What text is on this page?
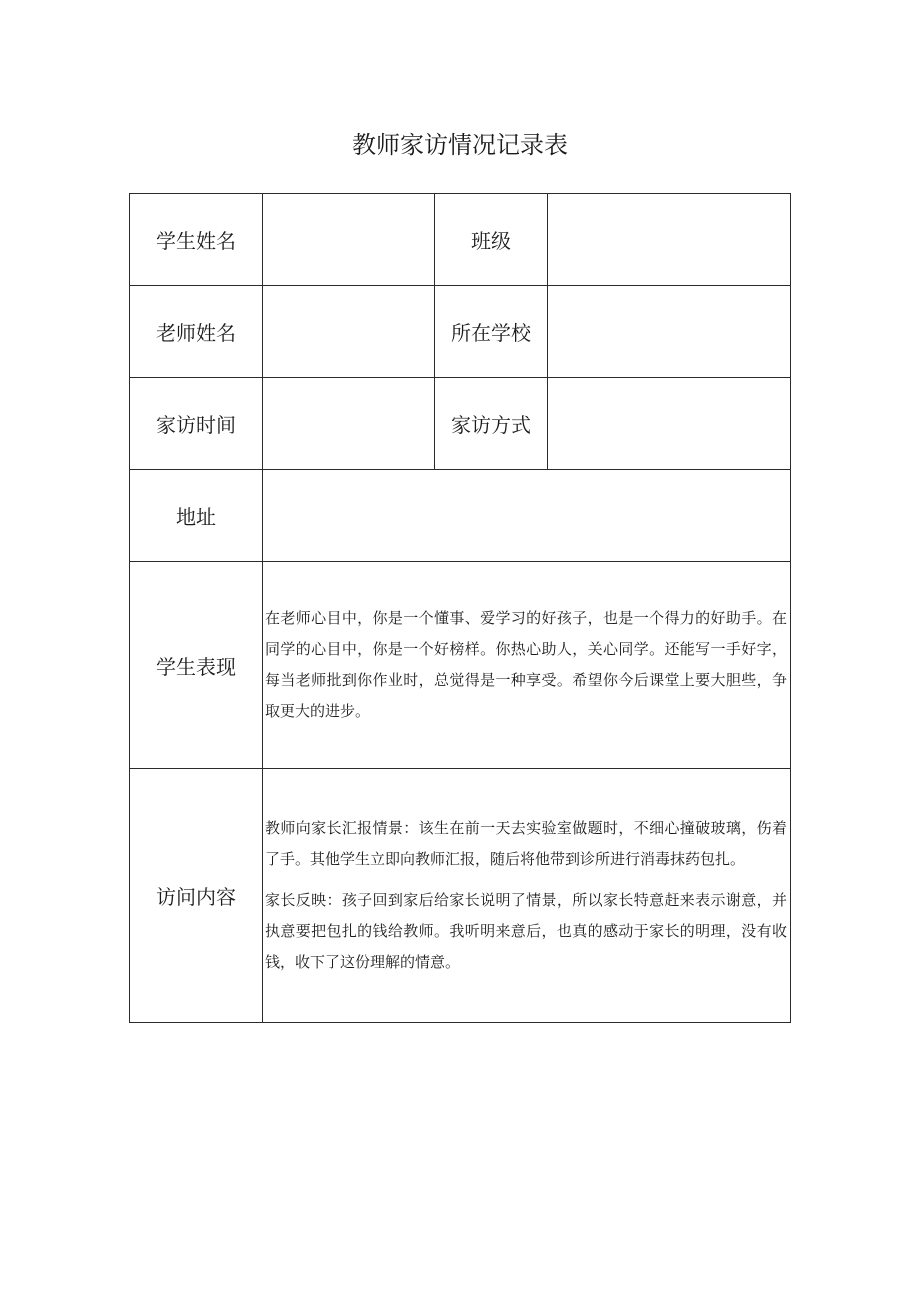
教师家访情况记录表
学生姓名		班级	
老师姓名		所在学校	
家访时间		家访方式	
地址			
学生表现	在老师心目中，你是一个懂事、爱学习的好孩子，也是一个得力的好助手。在同学的心目中，你是一个好榜样。你热心助人，关心同学。还能写一手好字，每当老师批到你作业时，总觉得是一种享受。希望你今后课堂上要大胆些，争取更大的进步。		

访问内容	教师向家长汇报情景：该生在前一天去实验室做题时，不细心撞破玻璃，伤着了手。其他学生立即向教师汇报，随后将他带到诊所进行消毒抹药包扎。

家长反映：孩子回到家后给家长说明了情景，所以家长特意赶来表示谢意，并执意要把包扎的钱给教师。我听明来意后，也真的感动于家长的明理，没有收钱，收下了这份理解的情意。		
